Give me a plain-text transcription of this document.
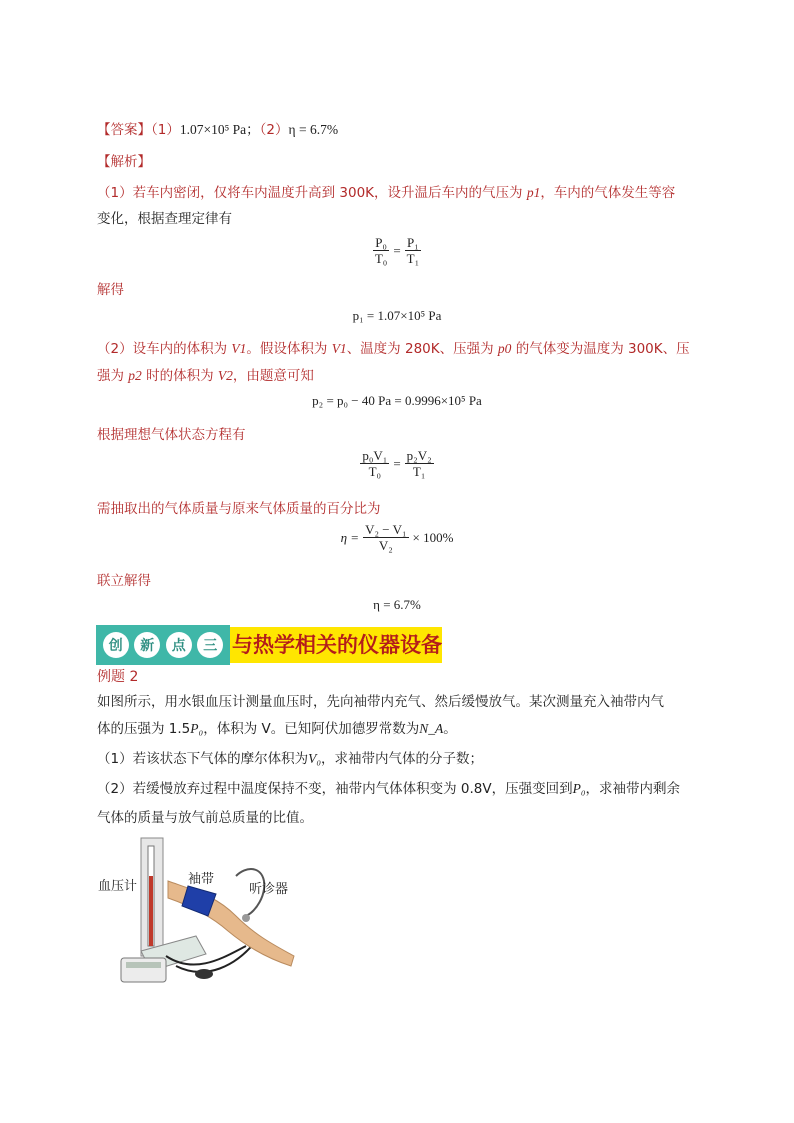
【答案】（1）1.07×10⁵ Pa；（2）η = 6.7%
【解析】
（1）若车内密闭，仅将车内温度升高到 300K，设升温后车内的气压为 p1，车内的气体发生等容
变化，根据查理定律有
$\frac{\text{P₀}}{\text{T₀}} = \frac{\text{P₁}}{\text{T₁}}$
解得
p₁ = 1.07×10⁵ Pa
（2）设车内的体积为 V1。假设体积为 V1、温度为 280K、压强为 p0 的气体变为温度为 300K、压
强为 p2 时的体积为 V2，由题意可知
p₂ = p₀ − 40 Pa = 0.9996×10⁵ Pa
根据理想气体状态方程有
$\frac{\text{p₀V₁}}{\text{T₀}} = \frac{\text{p₂V₂}}{\text{T₁}}$
需抽取出的气体质量与原来气体质量的百分比为
$\eta = \frac{\text{V₂ − V₁}}{\text{V₂}} \times 100\%$
联立解得
η = 6.7%
创	新	点	三 与热学相关的仪器设备
例题 2
如图所示，用水银血压计测量血压时，先向袖带内充气、然后缓慢放气。某次测量充入袖带内气
体的压强为 1.5P₀，体积为 V。已知阿伏加德罗常数为N_A。
（1）若该状态下气体的摩尔体积为V₀，求袖带内气体的分子数；
（2）若缓慢放弃过程中温度保持不变，袖带内气体体积变为 0.8V，压强变回到P₀，求袖带内剩余
气体的质量与放气前总质量的比值。
血压计	袖带
听诊器
